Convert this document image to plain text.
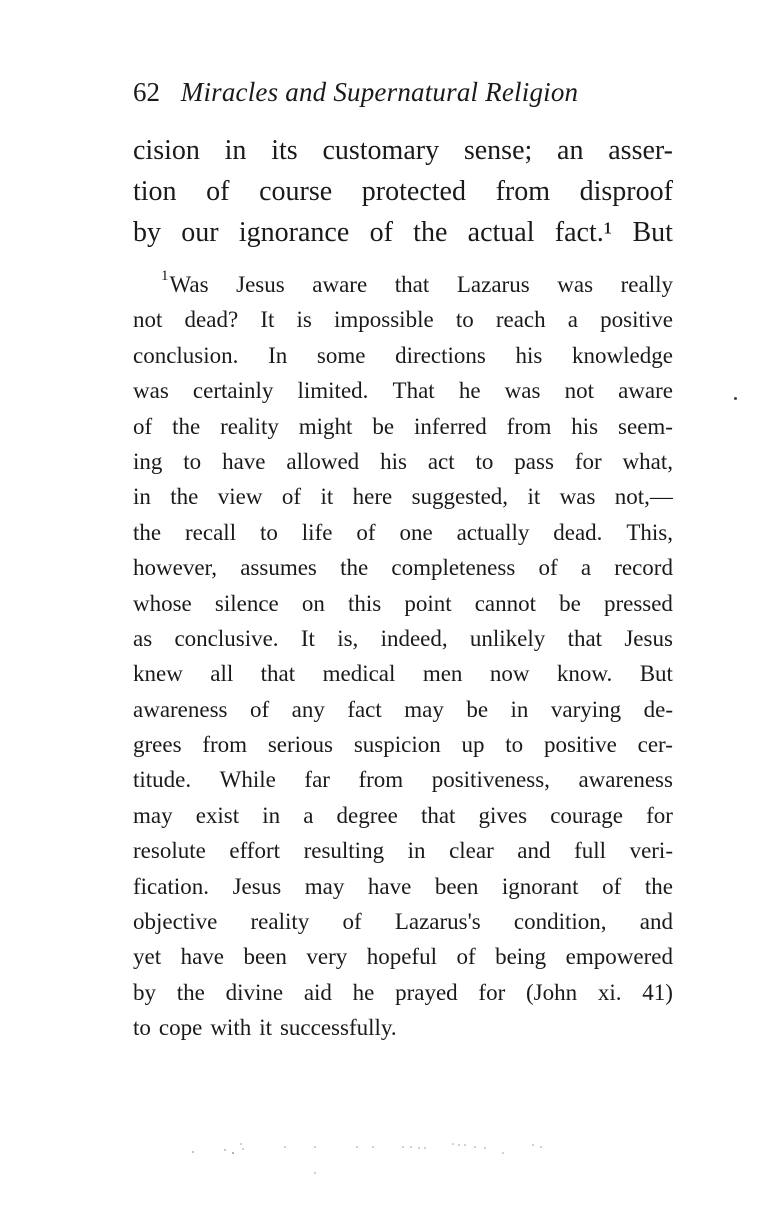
62 Miracles and Supernatural Religion
cision in its customary sense; an asser-
tion of course protected from disproof
by our ignorance of the actual fact.¹ But
$^1$Was Jesus aware that Lazarus was really
not dead? It is impossible to reach a positive
conclusion. In some directions his knowledge
was certainly limited. That he was not aware
of the reality might be inferred from his seem-
ing to have allowed his act to pass for what,
in the view of it here suggested, it was not,—
the recall to life of one actually dead. This,
however, assumes the completeness of a record
whose silence on this point cannot be pressed
as conclusive. It is, indeed, unlikely that Jesus
knew all that medical men now know. But
awareness of any fact may be in varying de-
grees from serious suspicion up to positive cer-
titude. While far from positiveness, awareness
may exist in a degree that gives courage for
resolute effort resulting in clear and full veri-
fication. Jesus may have been ignorant of the
objective reality of Lazarus's condition, and
yet have been very hopeful of being empowered
by the divine aid he prayed for (John xi. 41)
to cope with it successfully.
